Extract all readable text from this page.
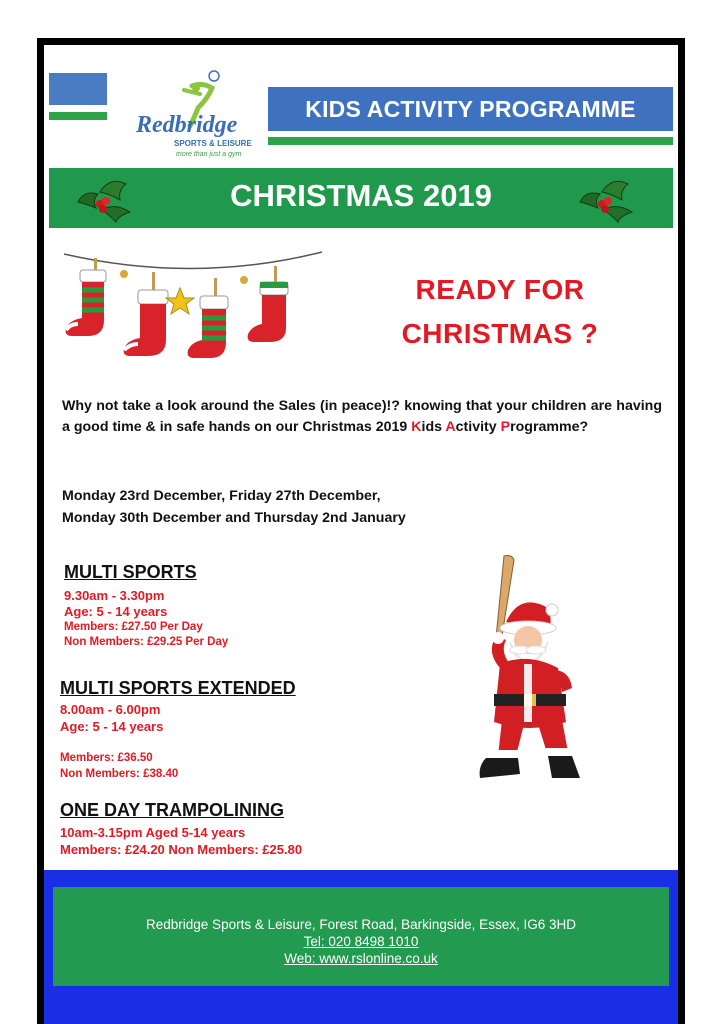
KIDS ACTIVITY PROGRAMME
Redbridge
SPORTS & LEISURE
more than just a gym
CHRISTMAS 2019
READY FOR
CHRISTMAS ?
Why not take a look around the Sales (in peace)!? knowing that your children are having a good time & in safe hands on our Christmas 2019 Kids Activity Programme?
Monday 23rd December, Friday 27th December,
Monday 30th December and Thursday 2nd January
MULTI SPORTS
9.30am - 3.30pm
Age: 5 - 14 years
Members: £27.50 Per Day
Non Members: £29.25 Per Day
MULTI SPORTS EXTENDED
8.00am - 6.00pm
Age: 5 - 14 years
Members: £36.50
Non Members: £38.40
ONE DAY TRAMPOLINING
10am-3.15pm Aged 5-14 years
Members: £24.20 Non Members: £25.80
Redbridge Sports & Leisure, Forest Road, Barkingside, Essex, IG6 3HD
Tel: 020 8498 1010
Web: www.rslonline.co.uk
